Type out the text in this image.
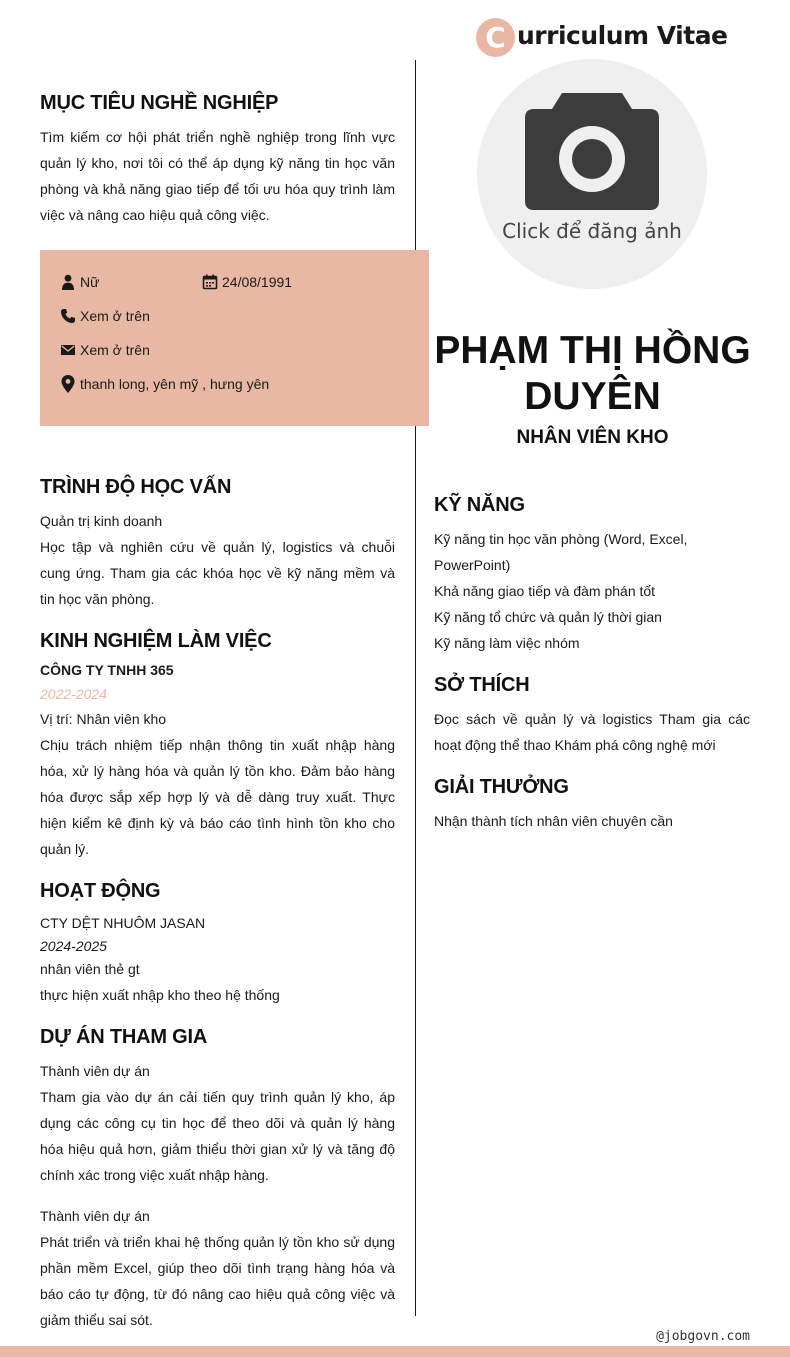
C urriculum Vitae
MỤC TIÊU NGHỀ NGHIỆP

Tìm kiếm cơ hội phát triển nghề nghiệp trong lĩnh vực quản lý kho, nơi tôi có thể áp dụng kỹ năng tin học văn phòng và khả năng giao tiếp để tối ưu hóa quy trình làm việc và nâng cao hiệu quả công việc.

TRÌNH ĐỘ HỌC VẤN
Quản trị kinh doanh

Học tập và nghiên cứu về quản lý, logistics và chuỗi cung ứng. Tham gia các khóa học về kỹ năng mềm và tin học văn phòng.

KINH NGHIỆM LÀM VIỆC
CÔNG TY TNHH 365
2022-2024
Vị trí: Nhân viên kho

Chịu trách nhiệm tiếp nhận thông tin xuất nhập hàng hóa, xử lý hàng hóa và quản lý tồn kho. Đảm bảo hàng hóa được sắp xếp hợp lý và dễ dàng truy xuất. Thực hiện kiểm kê định kỳ và báo cáo tình hình tồn kho cho quản lý.

HOẠT ĐỘNG
CTY DỆT NHUÔM JASAN
2024-2025
nhân viên thẻ gt
thực hiện xuất nhập kho theo hệ thống
DỰ ÁN THAM GIA
Thành viên dự án

Tham gia vào dự án cải tiến quy trình quản lý kho, áp dụng các công cụ tin học để theo dõi và quản lý hàng hóa hiệu quả hơn, giảm thiểu thời gian xử lý và tăng độ chính xác trong việc xuất nhập hàng.

Thành viên dự án

Phát triển và triển khai hệ thống quản lý tồn kho sử dụng phần mềm Excel, giúp theo dõi tình trạng hàng hóa và báo cáo tự động, từ đó nâng cao hiệu quả công việc và giảm thiểu sai sót.

Nữ	24/08/1991
Xem ở trên
Xem ở trên
thanh long, yên mỹ , hưng yên
Click để đăng ảnh
PHẠM THỊ HỒNG DUYÊN
NHÂN VIÊN KHO
KỸ NĂNG
Kỹ năng tin học văn phòng (Word, Excel, PowerPoint)
Khả năng giao tiếp và đàm phán tốt
Kỹ năng tổ chức và quản lý thời gian
Kỹ năng làm việc nhóm
SỞ THÍCH

Đọc sách về quản lý và logistics Tham gia các hoạt động thể thao Khám phá công nghệ mới

GIẢI THƯỞNG
Nhận thành tích nhân viên chuyên cần
@jobgovn.com
